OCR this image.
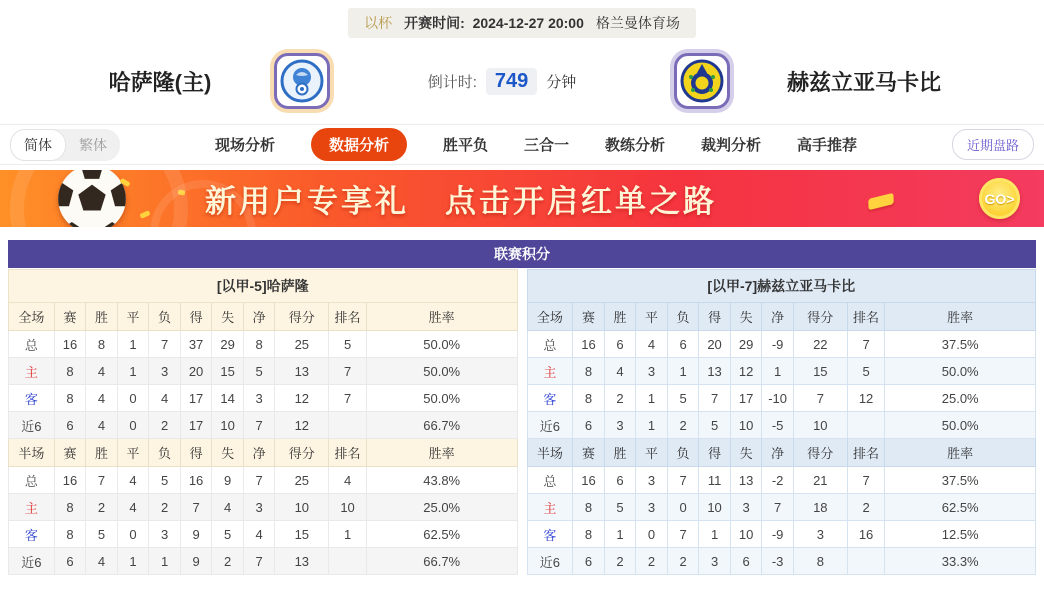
以杯 开赛时间: 2024-12-27 20:00 格兰曼体育场
哈萨隆(主)	倒计时: 749	分钟	赫兹立亚马卡比
简体	繁体	现场分析	数据分析	胜平负 三合一 教练分析 裁判分析 高手推荐	近期盘路
新用户专享礼 点击开启红单之路	GO>
联赛积分
[以甲-5]哈萨隆										
全场	赛	胜	平	负	得	失	净	得分	排名	胜率
总	16	8	1	7	37	29	8	25	5	50.0%
主	8	4	1	3	20	15	5	13	7	50.0%
客	8	4	0	4	17	14	3	12	7	50.0%
近6	6	4	0	2	17	10	7	12		66.7%
半场	赛	胜	平	负	得	失	净	得分	排名	胜率
总	16	7	4	5	16	9	7	25	4	43.8%
主	8	2	4	2	7	4	3	10	10	25.0%
客	8	5	0	3	9	5	4	15	1	62.5%
近6	6	4	1	1	9	2	7	13		66.7%
[以甲-7]赫兹立亚马卡比										
全场	赛	胜	平	负	得	失	净	得分	排名	胜率
总	16	6	4	6	20	29	-9	22	7	37.5%
主	8	4	3	1	13	12	1	15	5	50.0%
客	8	2	1	5	7	17	-10	7	12	25.0%
近6	6	3	1	2	5	10	-5	10		50.0%
半场	赛	胜	平	负	得	失	净	得分	排名	胜率
总	16	6	3	7	11	13	-2	21	7	37.5%
主	8	5	3	0	10	3	7	18	2	62.5%
客	8	1	0	7	1	10	-9	3	16	12.5%
近6	6	2	2	2	3	6	-3	8		33.3%
